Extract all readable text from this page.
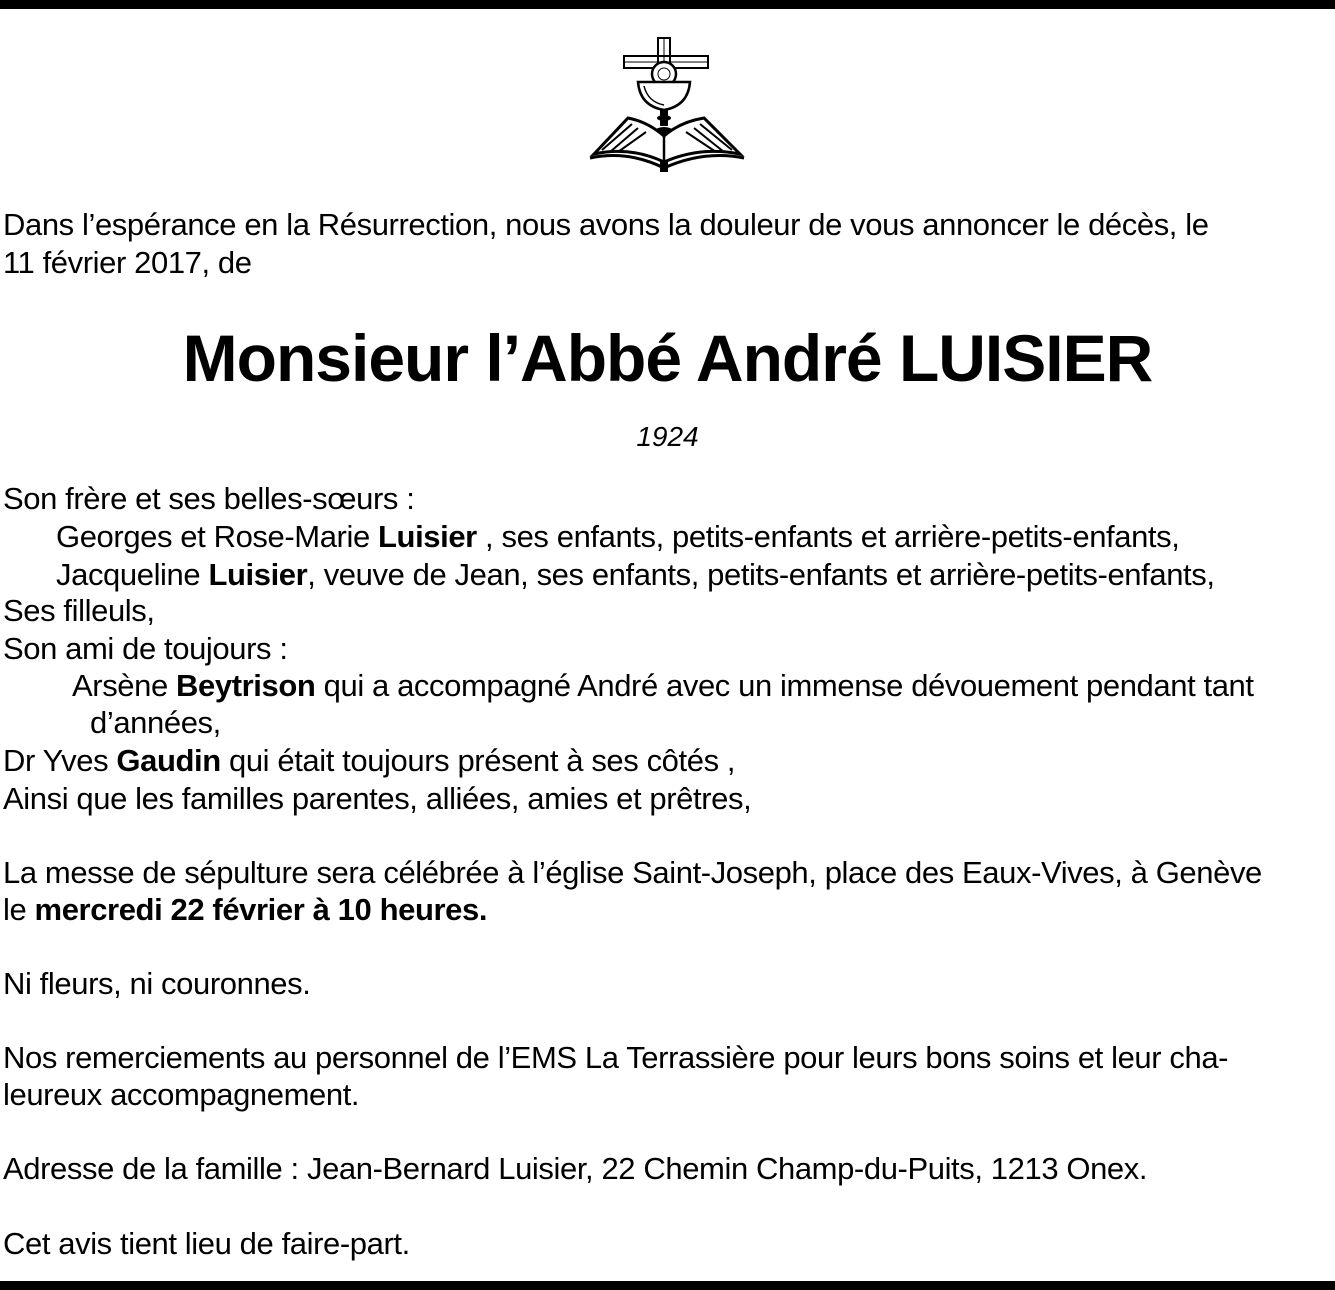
Dans l’espérance en la Résurrection, nous avons la douleur de vous annoncer le décès, le
11 février 2017, de
Monsieur l’Abbé André LUISIER
1924
Son frère et ses belles-sœurs :
Georges et Rose-Marie Luisier , ses enfants, petits-enfants et arrière-petits-enfants,
Jacqueline Luisier, veuve de Jean, ses enfants, petits-enfants et arrière-petits-enfants,
Ses filleuls,
Son ami de toujours :
Arsène Beytrison qui a accompagné André avec un immense dévouement pendant tant
d’années,
Dr Yves Gaudin qui était toujours présent à ses côtés ,
Ainsi que les familles parentes, alliées, amies et prêtres,
La messe de sépulture sera célébrée à l’église Saint-Joseph, place des Eaux-Vives, à Genève
le mercredi 22 février à 10 heures.
Ni fleurs, ni couronnes.
Nos remerciements au personnel de l’EMS La Terrassière pour leurs bons soins et leur cha-
leureux accompagnement.
Adresse de la famille : Jean-Bernard Luisier, 22 Chemin Champ-du-Puits, 1213 Onex.
Cet avis tient lieu de faire-part.
